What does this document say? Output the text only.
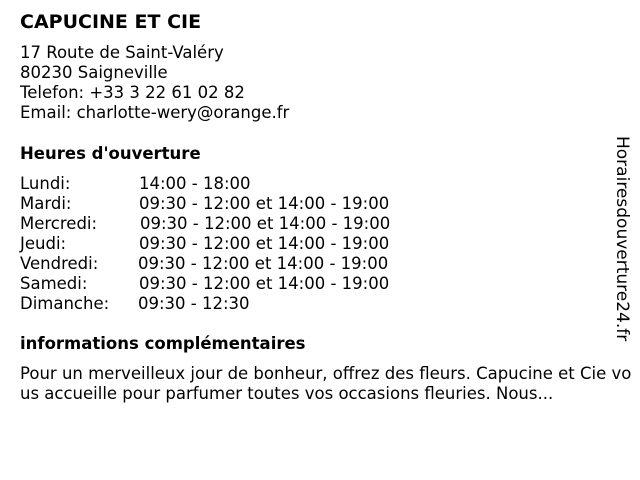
CAPUCINE ET CIE
17 Route de Saint-Valéry
80230 Saigneville
Telefon: +33 3 22 61 02 82
Email: charlotte-wery@orange.fr
Heures d'ouverture
Lundi:	14:00 - 18:00
Mardi:	09:30 - 12:00 et 14:00 - 19:00
Mercredi:	09:30 - 12:00 et 14:00 - 19:00
Jeudi:	09:30 - 12:00 et 14:00 - 19:00
Vendredi: 09:30 - 12:00 et 14:00 - 19:00
Samedi:	09:30 - 12:00 et 14:00 - 19:00
Dimanche: 09:30 - 12:30
informations complémentaires
Pour un merveilleux jour de bonheur, offrez des fleurs. Capucine et Cie vous accueille pour parfumer toutes vos occasions fleuries. Nous...
Horairesdouverture24.fr
